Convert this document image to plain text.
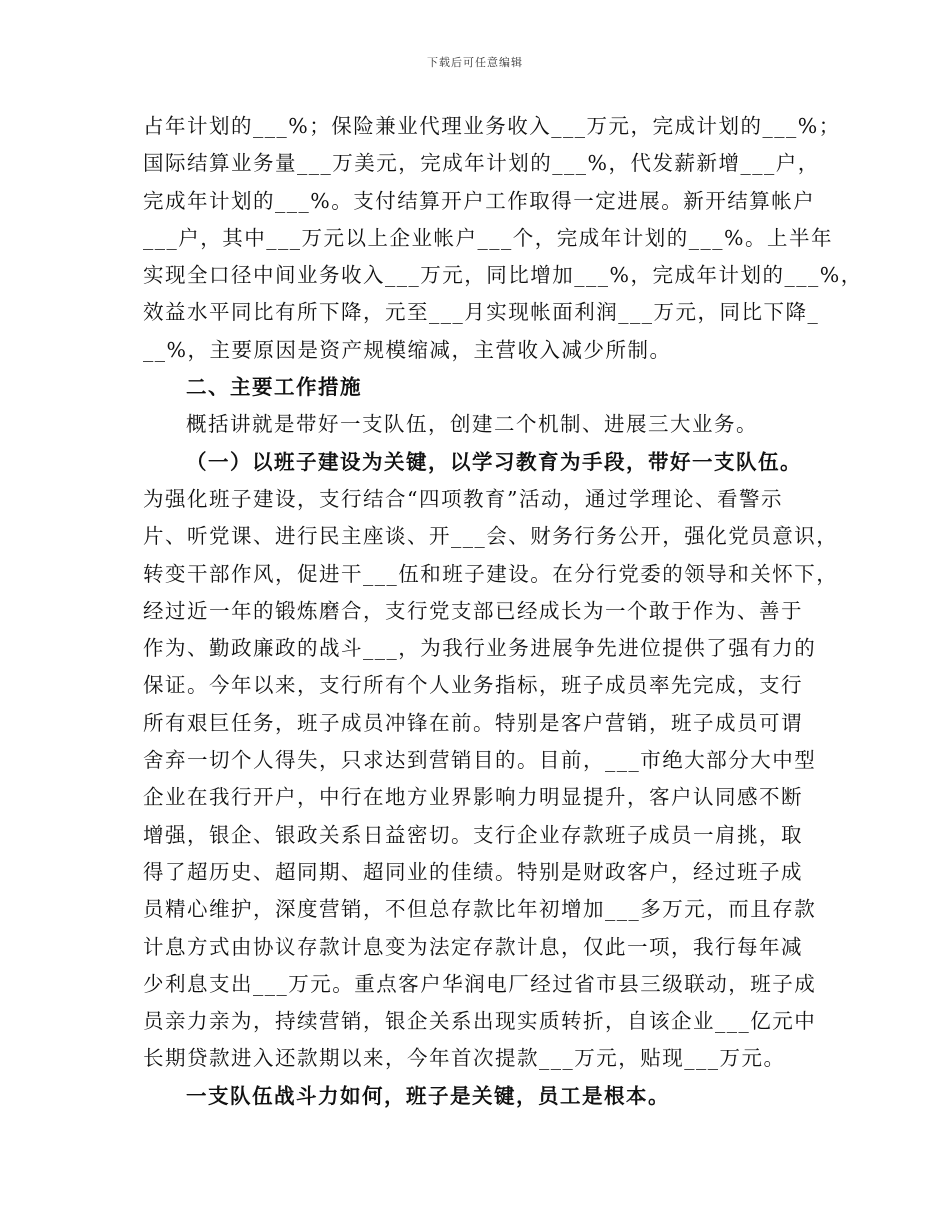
下载后可任意编辑
占年计划的___%；保险兼业代理业务收入___万元，完成计划的___%；
国际结算业务量___万美元，完成年计划的___%，代发薪新增___户，
完成年计划的___%。支付结算开户工作取得一定进展。新开结算帐户
___户，其中___万元以上企业帐户___个，完成年计划的___%。上半年
实现全口径中间业务收入___万元，同比增加___%，完成年计划的___%，
效益水平同比有所下降，元至___月实现帐面利润___万元，同比下降_
__%，主要原因是资产规模缩减，主营收入减少所制。
二、主要工作措施
概括讲就是带好一支队伍，创建二个机制、进展三大业务。
（一）以班子建设为关键，以学习教育为手段，带好一支队伍。
为强化班子建设，支行结合“四项教育”活动，通过学理论、看警示
片、听党课、进行民主座谈、开___会、财务行务公开，强化党员意识，
转变干部作风，促进干___伍和班子建设。在分行党委的领导和关怀下，
经过近一年的锻炼磨合，支行党支部已经成长为一个敢于作为、善于
作为、勤政廉政的战斗___，为我行业务进展争先进位提供了强有力的
保证。今年以来，支行所有个人业务指标，班子成员率先完成，支行
所有艰巨任务，班子成员冲锋在前。特别是客户营销，班子成员可谓
舍弃一切个人得失，只求达到营销目的。目前，___市绝大部分大中型
企业在我行开户，中行在地方业界影响力明显提升，客户认同感不断
增强，银企、银政关系日益密切。支行企业存款班子成员一肩挑，取
得了超历史、超同期、超同业的佳绩。特别是财政客户，经过班子成
员精心维护，深度营销，不但总存款比年初增加___多万元，而且存款
计息方式由协议存款计息变为法定存款计息，仅此一项，我行每年减
少利息支出___万元。重点客户华润电厂经过省市县三级联动，班子成
员亲力亲为，持续营销，银企关系出现实质转折，自该企业___亿元中
长期贷款进入还款期以来，今年首次提款___万元，贴现___万元。
一支队伍战斗力如何，班子是关键，员工是根本。
